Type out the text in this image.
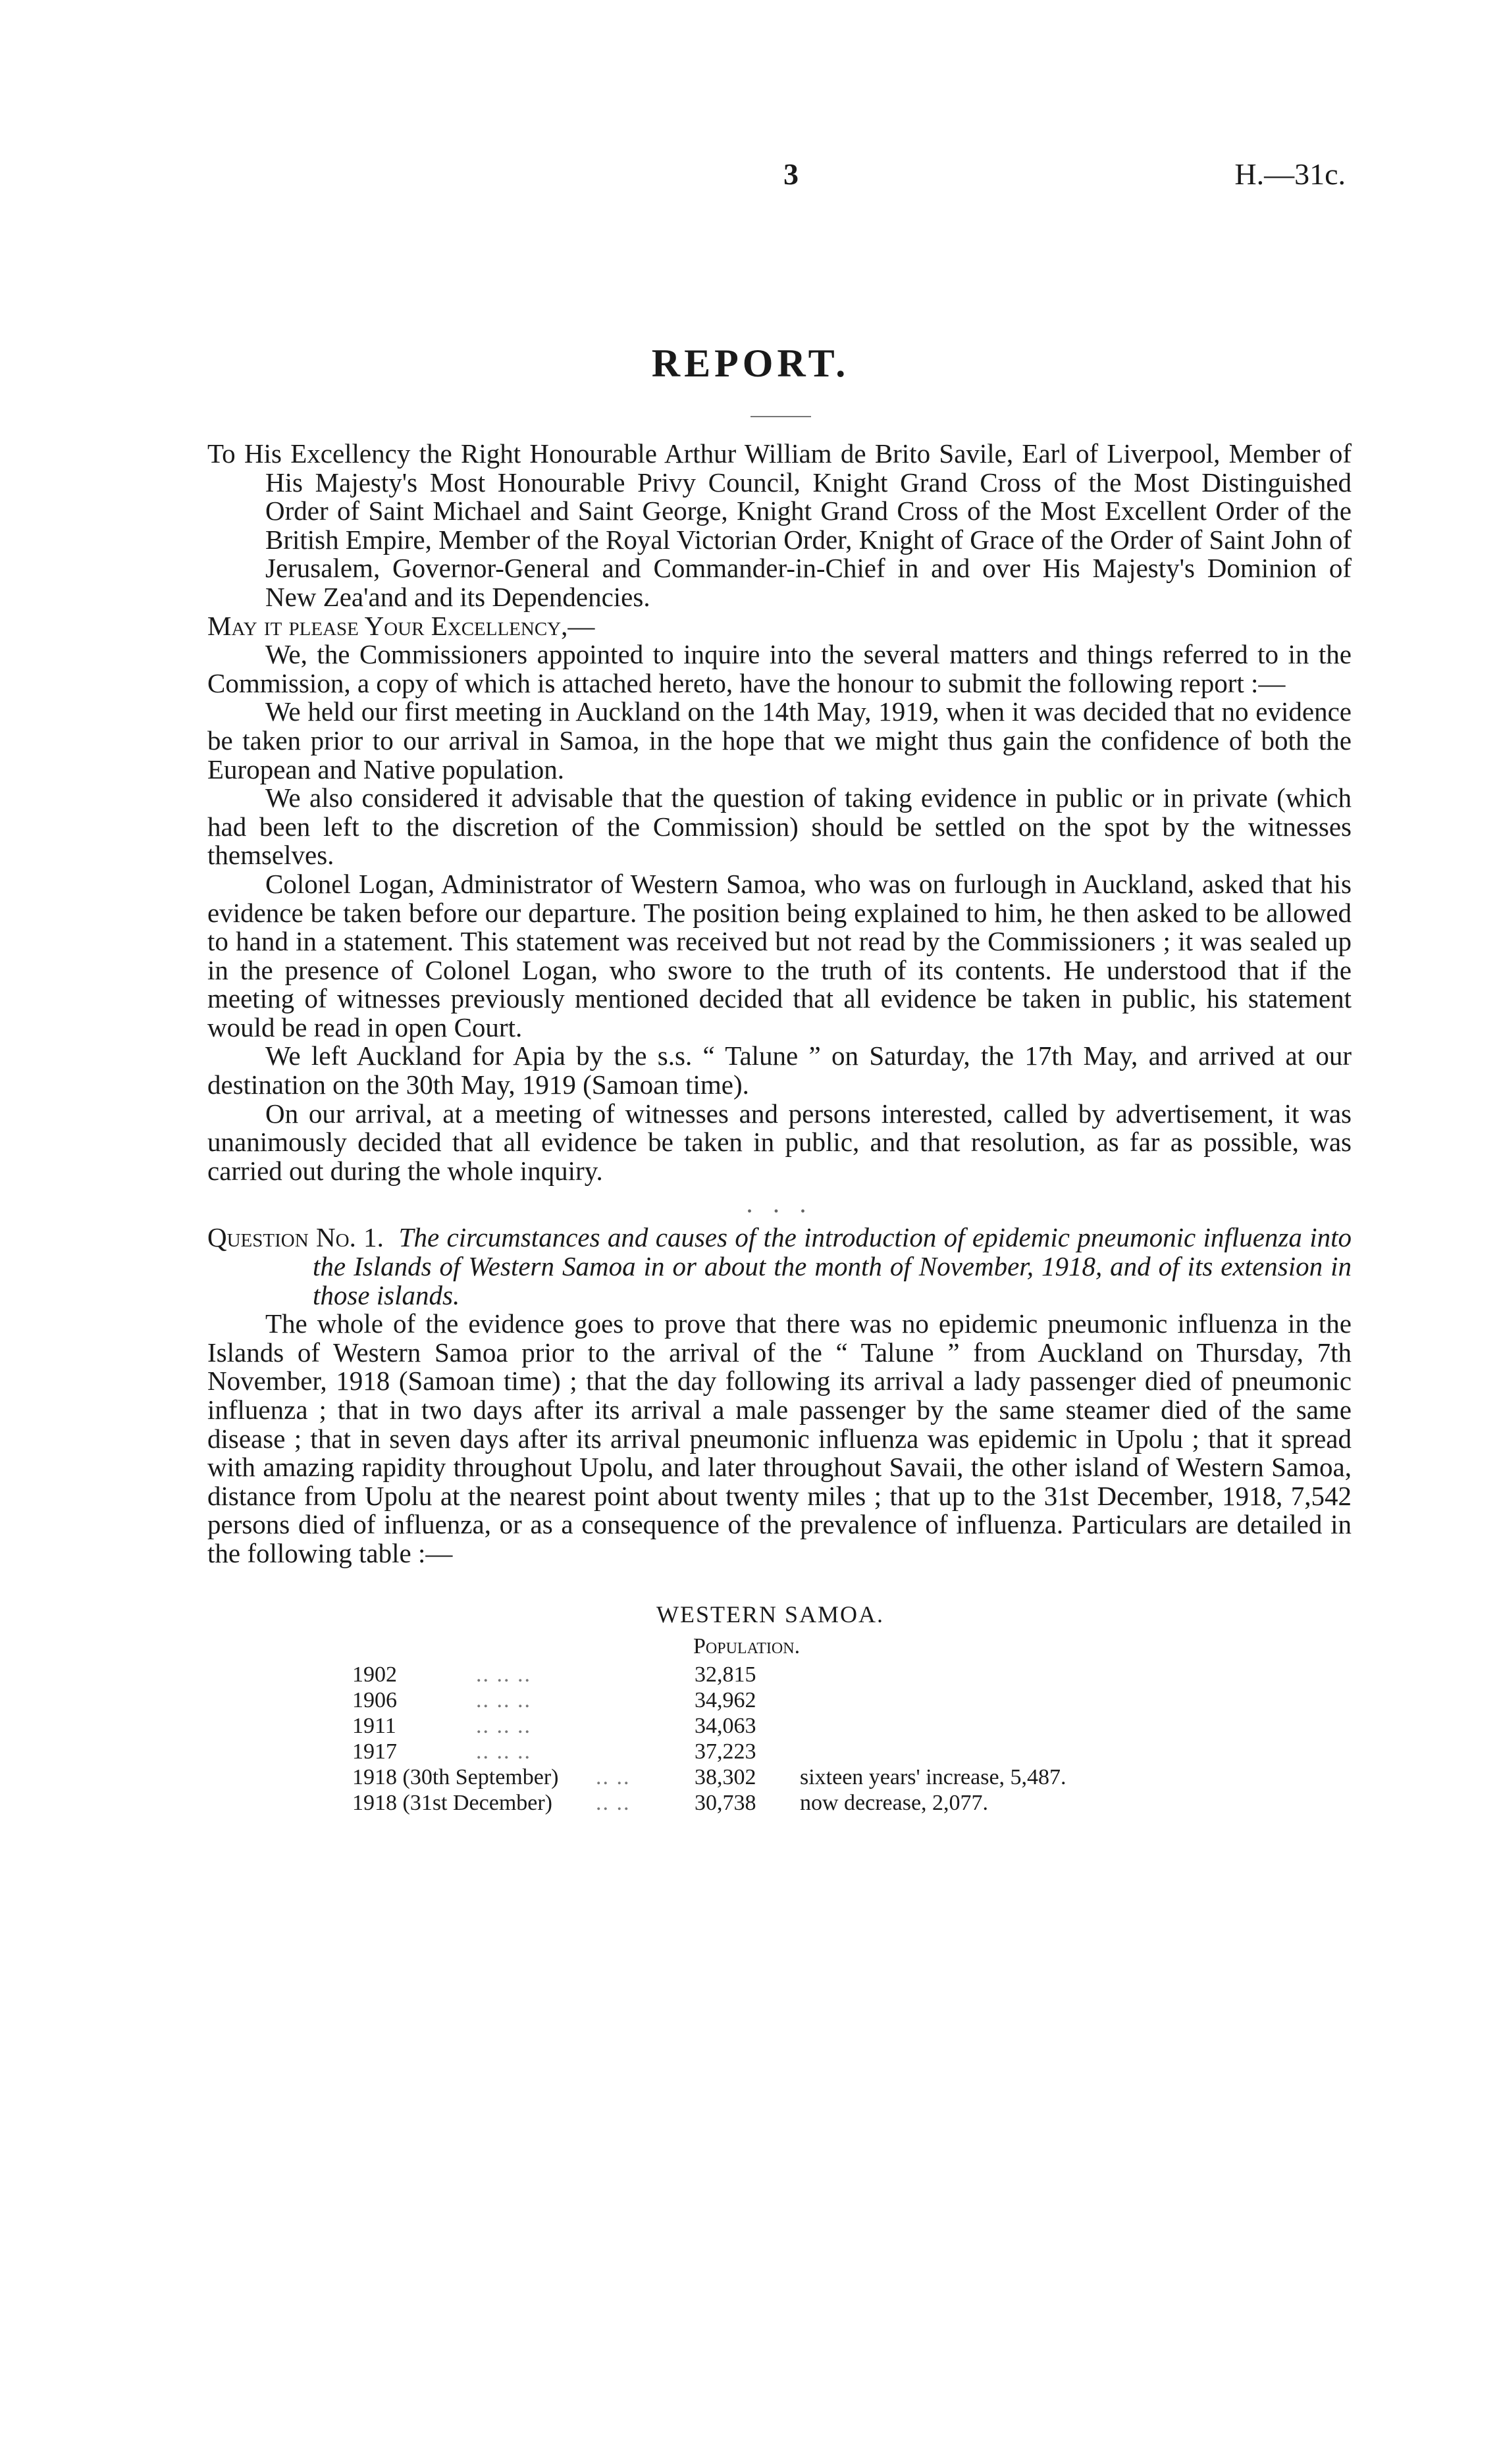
3	H.—31c.
REPORT.

To His Excellency the Right Honourable Arthur William de Brito Savile, Earl of Liverpool, Member of His Majesty's Most Honourable Privy Council, Knight Grand Cross of the Most Distinguished Order of Saint Michael and Saint George, Knight Grand Cross of the Most Excellent Order of the British Empire, Member of the Royal Victorian Order, Knight of Grace of the Order of Saint John of Jerusalem, Governor-General and Commander-in-Chief in and over His Majesty's Dominion of New Zea'and and its Dependencies.

May it please Your Excellency,—

We, the Commissioners appointed to inquire into the several matters and things referred to in the Commission, a copy of which is attached hereto, have the honour to submit the following report :—

We held our first meeting in Auckland on the 14th May, 1919, when it was decided that no evidence be taken prior to our arrival in Samoa, in the hope that we might thus gain the confidence of both the European and Native population.

We also considered it advisable that the question of taking evidence in public or in private (which had been left to the discretion of the Commission) should be settled on the spot by the witnesses themselves.

Colonel Logan, Administrator of Western Samoa, who was on furlough in Auckland, asked that his evidence be taken before our departure. The position being explained to him, he then asked to be allowed to hand in a statement. This statement was received but not read by the Commissioners ; it was sealed up in the presence of Colonel Logan, who swore to the truth of its contents. He understood that if the meeting of witnesses previously mentioned decided that all evidence be taken in public, his statement would be read in open Court.

We left Auckland for Apia by the s.s. “ Talune ” on Saturday, the 17th May, and arrived at our destination on the 30th May, 1919 (Samoan time).

On our arrival, at a meeting of witnesses and persons interested, called by advertisement, it was unanimously decided that all evidence be taken in public, and that resolution, as far as possible, was carried out during the whole inquiry.

. . .

Question No. 1. The circumstances and causes of the introduction of epidemic pneumonic influenza into the Islands of Western Samoa in or about the month of November, 1918, and of its extension in those islands.

The whole of the evidence goes to prove that there was no epidemic pneumonic influenza in the Islands of Western Samoa prior to the arrival of the “ Talune ” from Auckland on Thursday, 7th November, 1918 (Samoan time) ; that the day following its arrival a lady passenger died of pneumonic influenza ; that in two days after its arrival a male passenger by the same steamer died of the same disease ; that in seven days after its arrival pneumonic influenza was epidemic in Upolu ; that it spread with amazing rapidity throughout Upolu, and later throughout Savaii, the other island of Western Samoa, distance from Upolu at the nearest point about twenty miles ; that up to the 31st December, 1918, 7,542 persons died of influenza, or as a consequence of the prevalence of influenza. Particulars are detailed in the following table :—

WESTERN SAMOA.
Population.
1902	.. .. ..	32,815
1906	.. .. ..	34,962
1911	.. .. ..	34,063
1917	.. .. ..	37,223
1918 (30th September) .. ..	38,302 sixteen years' increase, 5,487.
1918 (31st December) .. ..	30,738 now decrease, 2,077.
